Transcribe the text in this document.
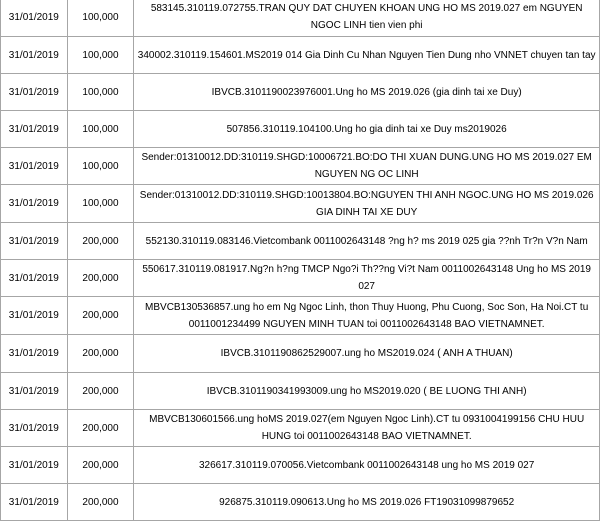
31/01/2019	100,000	583145.310119.072755.TRAN QUY DAT CHUYEN KHOAN UNG HO MS 2019.027 em NGUYEN NGOC LINH tien vien phi
31/01/2019	100,000	340002.310119.154601.MS2019 014 Gia Dinh Cu Nhan Nguyen Tien Dung nho VNNET chuyen tan tay
31/01/2019	100,000	IBVCB.3101190023976001.Ung ho MS 2019.026 (gia dinh tai xe Duy)
31/01/2019	100,000	507856.310119.104100.Ung ho gia dinh tai xe Duy ms2019026
31/01/2019	100,000	Sender:01310012.DD:310119.SHGD:10006721.BO:DO THI XUAN DUNG.UNG HO MS 2019.027 EM NGUYEN NG OC LINH
31/01/2019	100,000	Sender:01310012.DD:310119.SHGD:10013804.BO:NGUYEN THI ANH NGOC.UNG HO MS 2019.026 GIA DINH TAI XE DUY
31/01/2019	200,000	552130.310119.083146.Vietcombank 0011002643148 ?ng h? ms 2019 025 gia ??nh Tr?n V?n Nam
31/01/2019	200,000	550617.310119.081917.Ng?n h?ng TMCP Ngo?i Th??ng Vi?t Nam 0011002643148 Ung ho MS 2019 027
31/01/2019	200,000	MBVCB130536857.ung ho em Ng Ngoc Linh, thon Thuy Huong, Phu Cuong, Soc Son, Ha Noi.CT tu 0011001234499 NGUYEN MINH TUAN toi 0011002643148 BAO VIETNAMNET.
31/01/2019	200,000	IBVCB.3101190862529007.ung ho MS2019.024 ( ANH A THUAN)
31/01/2019	200,000	IBVCB.3101190341993009.ung ho MS2019.020 ( BE LUONG THI ANH)
31/01/2019	200,000	MBVCB130601566.ung hoMS 2019.027(em Nguyen Ngoc Linh).CT tu 0931004199156 CHU HUU HUNG toi 0011002643148 BAO VIETNAMNET.
31/01/2019	200,000	326617.310119.070056.Vietcombank 0011002643148 ung ho MS 2019 027
31/01/2019	200,000	926875.310119.090613.Ung ho MS 2019.026 FT19031099879652
